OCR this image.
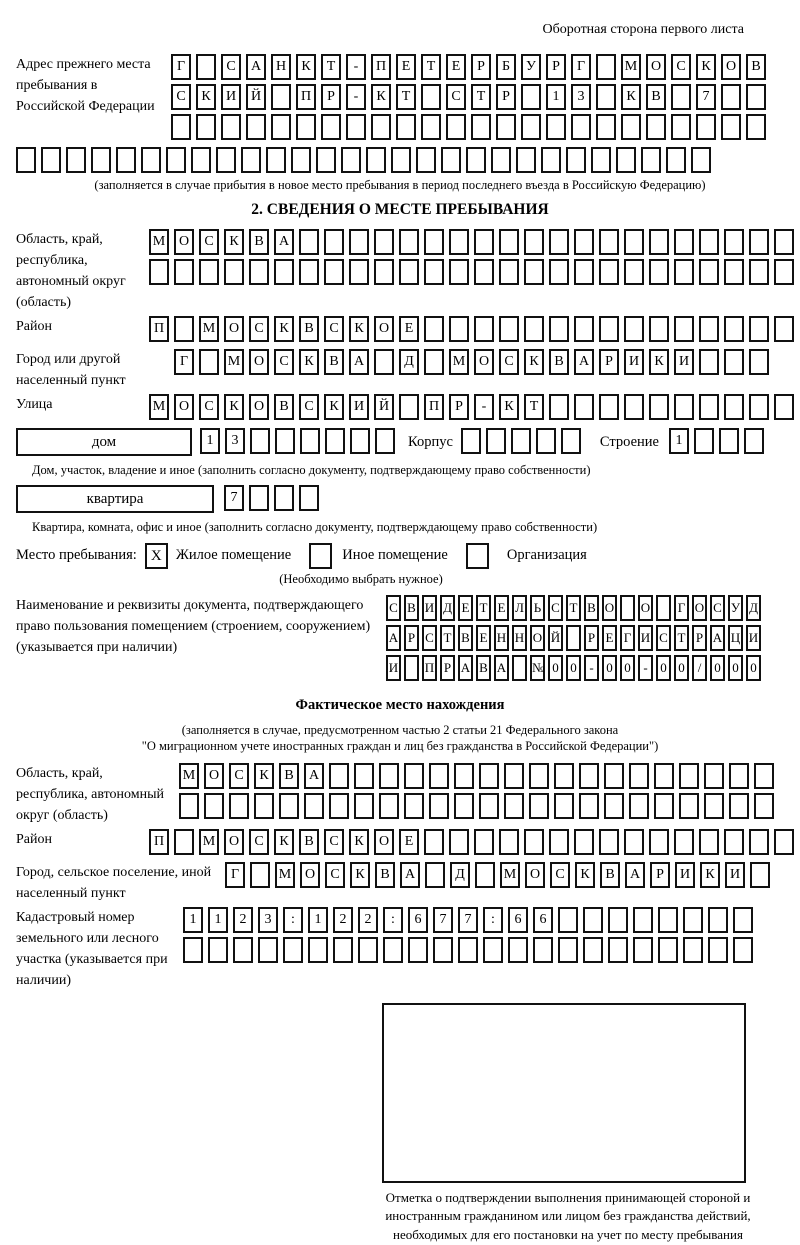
Оборотная сторона первого листа
Адрес прежнего места пребывания в Российской Федерации
Г	С А Н К Т - П Е Т Е Р Б У Р Г	М О С К О В
С К И Й	П Р - К Т	С Т Р	1 3	К В	7
(заполняется в случае прибытия в новое место пребывания в период последнего въезда в Российскую Федерацию)
2. СВЕДЕНИЯ О МЕСТЕ ПРЕБЫВАНИЯ
Область, край, республика, автономный округ (область)
М О С К В А
Район	П	М О С К В С К О Е
Город или другой населенный пункт
Г	М О С К В А	Д	М О С К В А Р И К И
Улица	М О С К О В С К И Й	П Р - К Т
дом	1 3	Корпус	Строение	1
Дом, участок, владение и иное (заполнить согласно документу, подтверждающему право собственности)
квартира	7
Квартира, комната, офис и иное (заполнить согласно документу, подтверждающему право собственности)
Место пребывания: X Жилое помещение	Иное помещение	Организация
(Необходимо выбрать нужное)
Наименование и реквизиты документа, подтверждающего право пользования помещением (строением, сооружением) (указывается при наличии)
С В И Д Е Т Е Л Ь С Т В О О Г О С У Д
А Р С Т В Е Н Н О Й Р Е Г И С Т Р А Ц И
И П Р А В А № 0 0 - 0 0 - 0 0 / 0 0 0
Фактическое место нахождения
(заполняется в случае, предусмотренном частью 2 статьи 21 Федерального закона
"О миграционном учете иностранных граждан и лиц без гражданства в Российской Федерации")
Область, край, республика, автономный округ (область)
М О С К В А
Район	П	М О С К В С К О Е
Город, сельское поселение, иной населенный пункт
Г	М О С К В А	Д	М О С К В А Р И К И
Кадастровый номер земельного или лесного участка (указывается при наличии)
1 1 2 3 : 1 2 2 : 6 7 7 : 6 6
Отметка о подтверждении выполнения принимающей стороной и иностранным гражданином или лицом без гражданства действий, необходимых для его постановки на учет по месту пребывания
